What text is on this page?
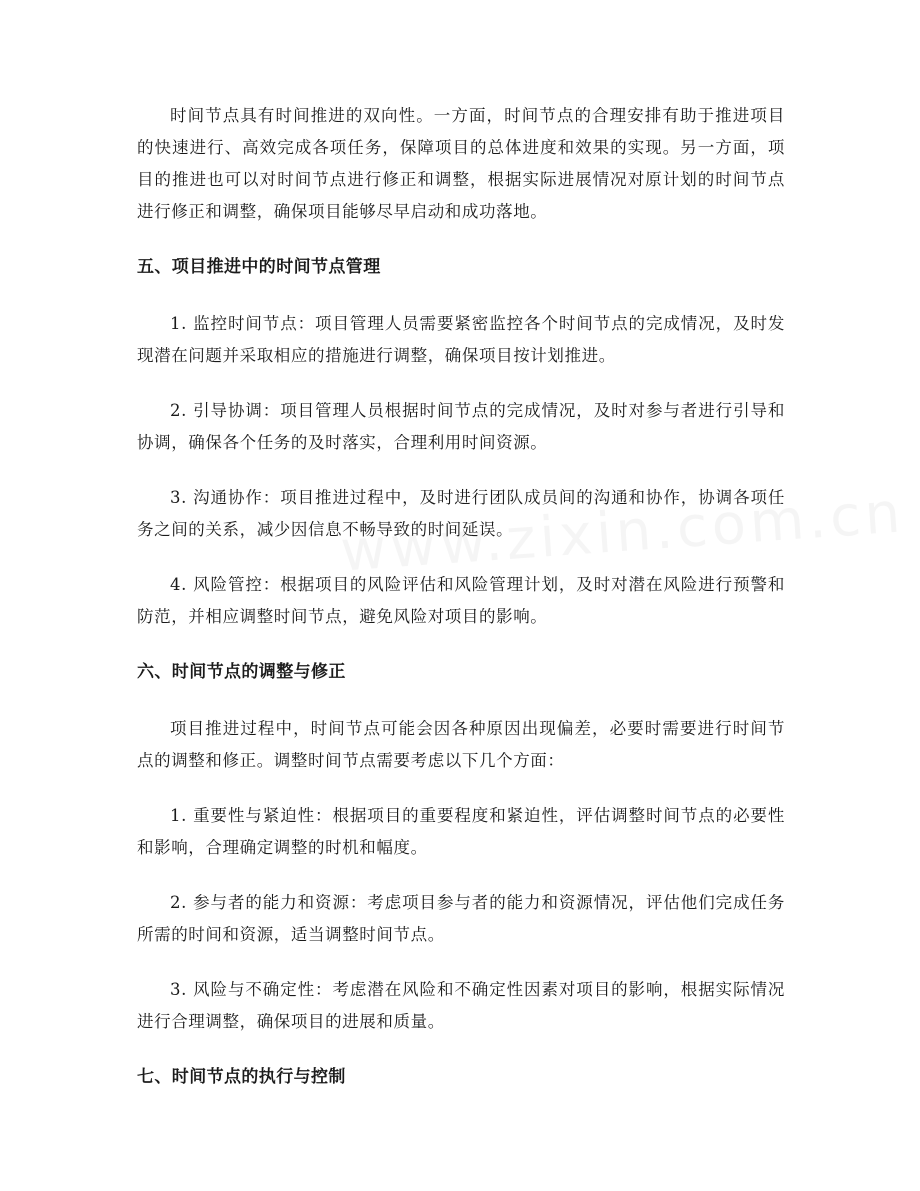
时间节点具有时间推进的双向性。一方面，时间节点的合理安排有助于推进项目的快速进行、高效完成各项任务，保障项目的总体进度和效果的实现。另一方面，项目的推进也可以对时间节点进行修正和调整，根据实际进展情况对原计划的时间节点进行修正和调整，确保项目能够尽早启动和成功落地。

五、项目推进中的时间节点管理

1. 监控时间节点：项目管理人员需要紧密监控各个时间节点的完成情况，及时发现潜在问题并采取相应的措施进行调整，确保项目按计划推进。

2. 引导协调：项目管理人员根据时间节点的完成情况，及时对参与者进行引导和协调，确保各个任务的及时落实，合理利用时间资源。

3. 沟通协作：项目推进过程中，及时进行团队成员间的沟通和协作，协调各项任务之间的关系，减少因信息不畅导致的时间延误。

4. 风险管控：根据项目的风险评估和风险管理计划，及时对潜在风险进行预警和防范，并相应调整时间节点，避免风险对项目的影响。

六、时间节点的调整与修正

项目推进过程中，时间节点可能会因各种原因出现偏差，必要时需要进行时间节点的调整和修正。调整时间节点需要考虑以下几个方面：

1. 重要性与紧迫性：根据项目的重要程度和紧迫性，评估调整时间节点的必要性和影响，合理确定调整的时机和幅度。

2. 参与者的能力和资源：考虑项目参与者的能力和资源情况，评估他们完成任务所需的时间和资源，适当调整时间节点。

3. 风险与不确定性：考虑潜在风险和不确定性因素对项目的影响，根据实际情况进行合理调整，确保项目的进展和质量。

七、时间节点的执行与控制
